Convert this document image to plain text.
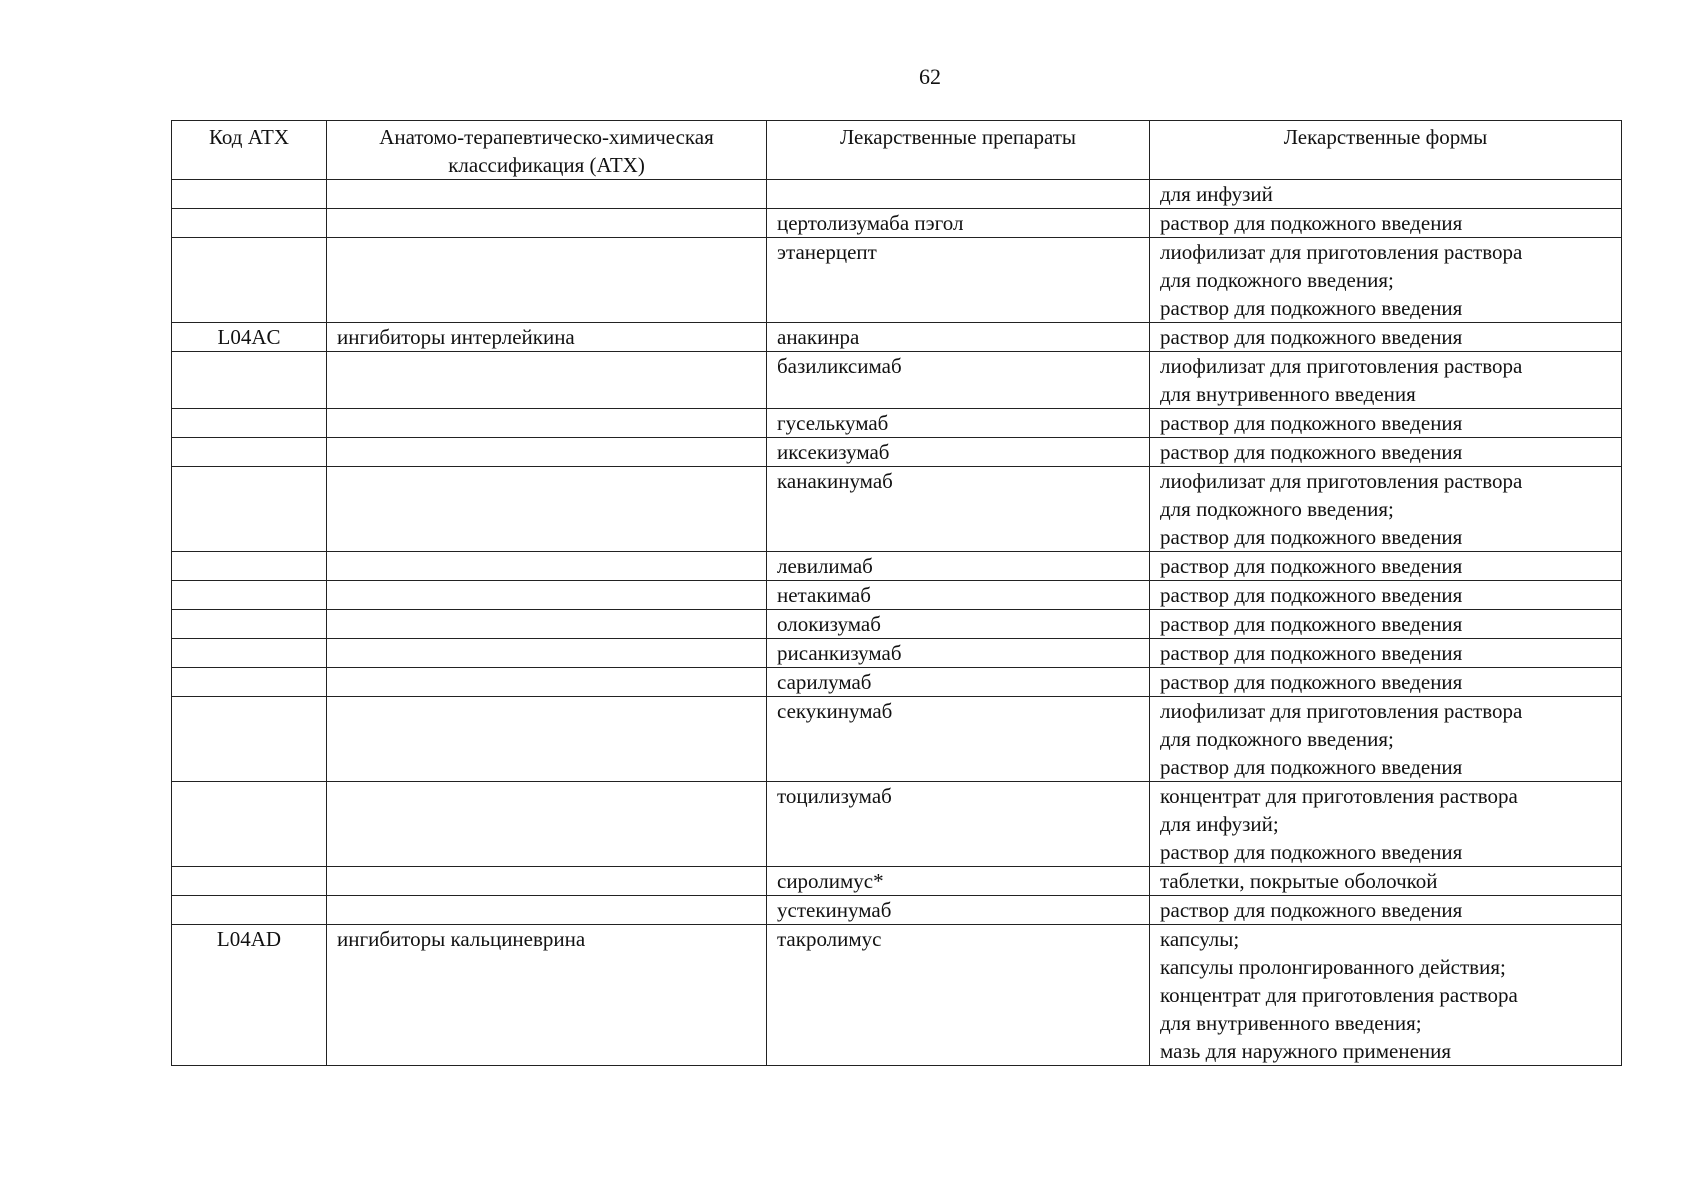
62
Код АТХ	Анатомо-терапевтическо-химическая классификация (АТХ)	Лекарственные препараты	Лекарственные формы

			для инфузий

		цертолизумаба пэгол	раствор для подкожного введения

		этанерцепт	лиофилизат для приготовления раствора
для подкожного введения;
раствор для подкожного введения

L04AC	ингибиторы интерлейкина	анакинра	раствор для подкожного введения

		базиликсимаб	лиофилизат для приготовления раствора
для внутривенного введения

		гуселькумаб	раствор для подкожного введения

		иксекизумаб	раствор для подкожного введения

		канакинумаб	лиофилизат для приготовления раствора
для подкожного введения;
раствор для подкожного введения

		левилимаб	раствор для подкожного введения

		нетакимаб	раствор для подкожного введения

		олокизумаб	раствор для подкожного введения

		рисанкизумаб	раствор для подкожного введения

		сарилумаб	раствор для подкожного введения

		секукинумаб	лиофилизат для приготовления раствора
для подкожного введения;
раствор для подкожного введения

		тоцилизумаб	концентрат для приготовления раствора
для инфузий;
раствор для подкожного введения

		сиролимус*	таблетки, покрытые оболочкой

		устекинумаб	раствор для подкожного введения

L04AD	ингибиторы кальциневрина	такролимус	капсулы;
капсулы пролонгированного действия;
концентрат для приготовления раствора
для внутривенного введения;
мазь для наружного применения
